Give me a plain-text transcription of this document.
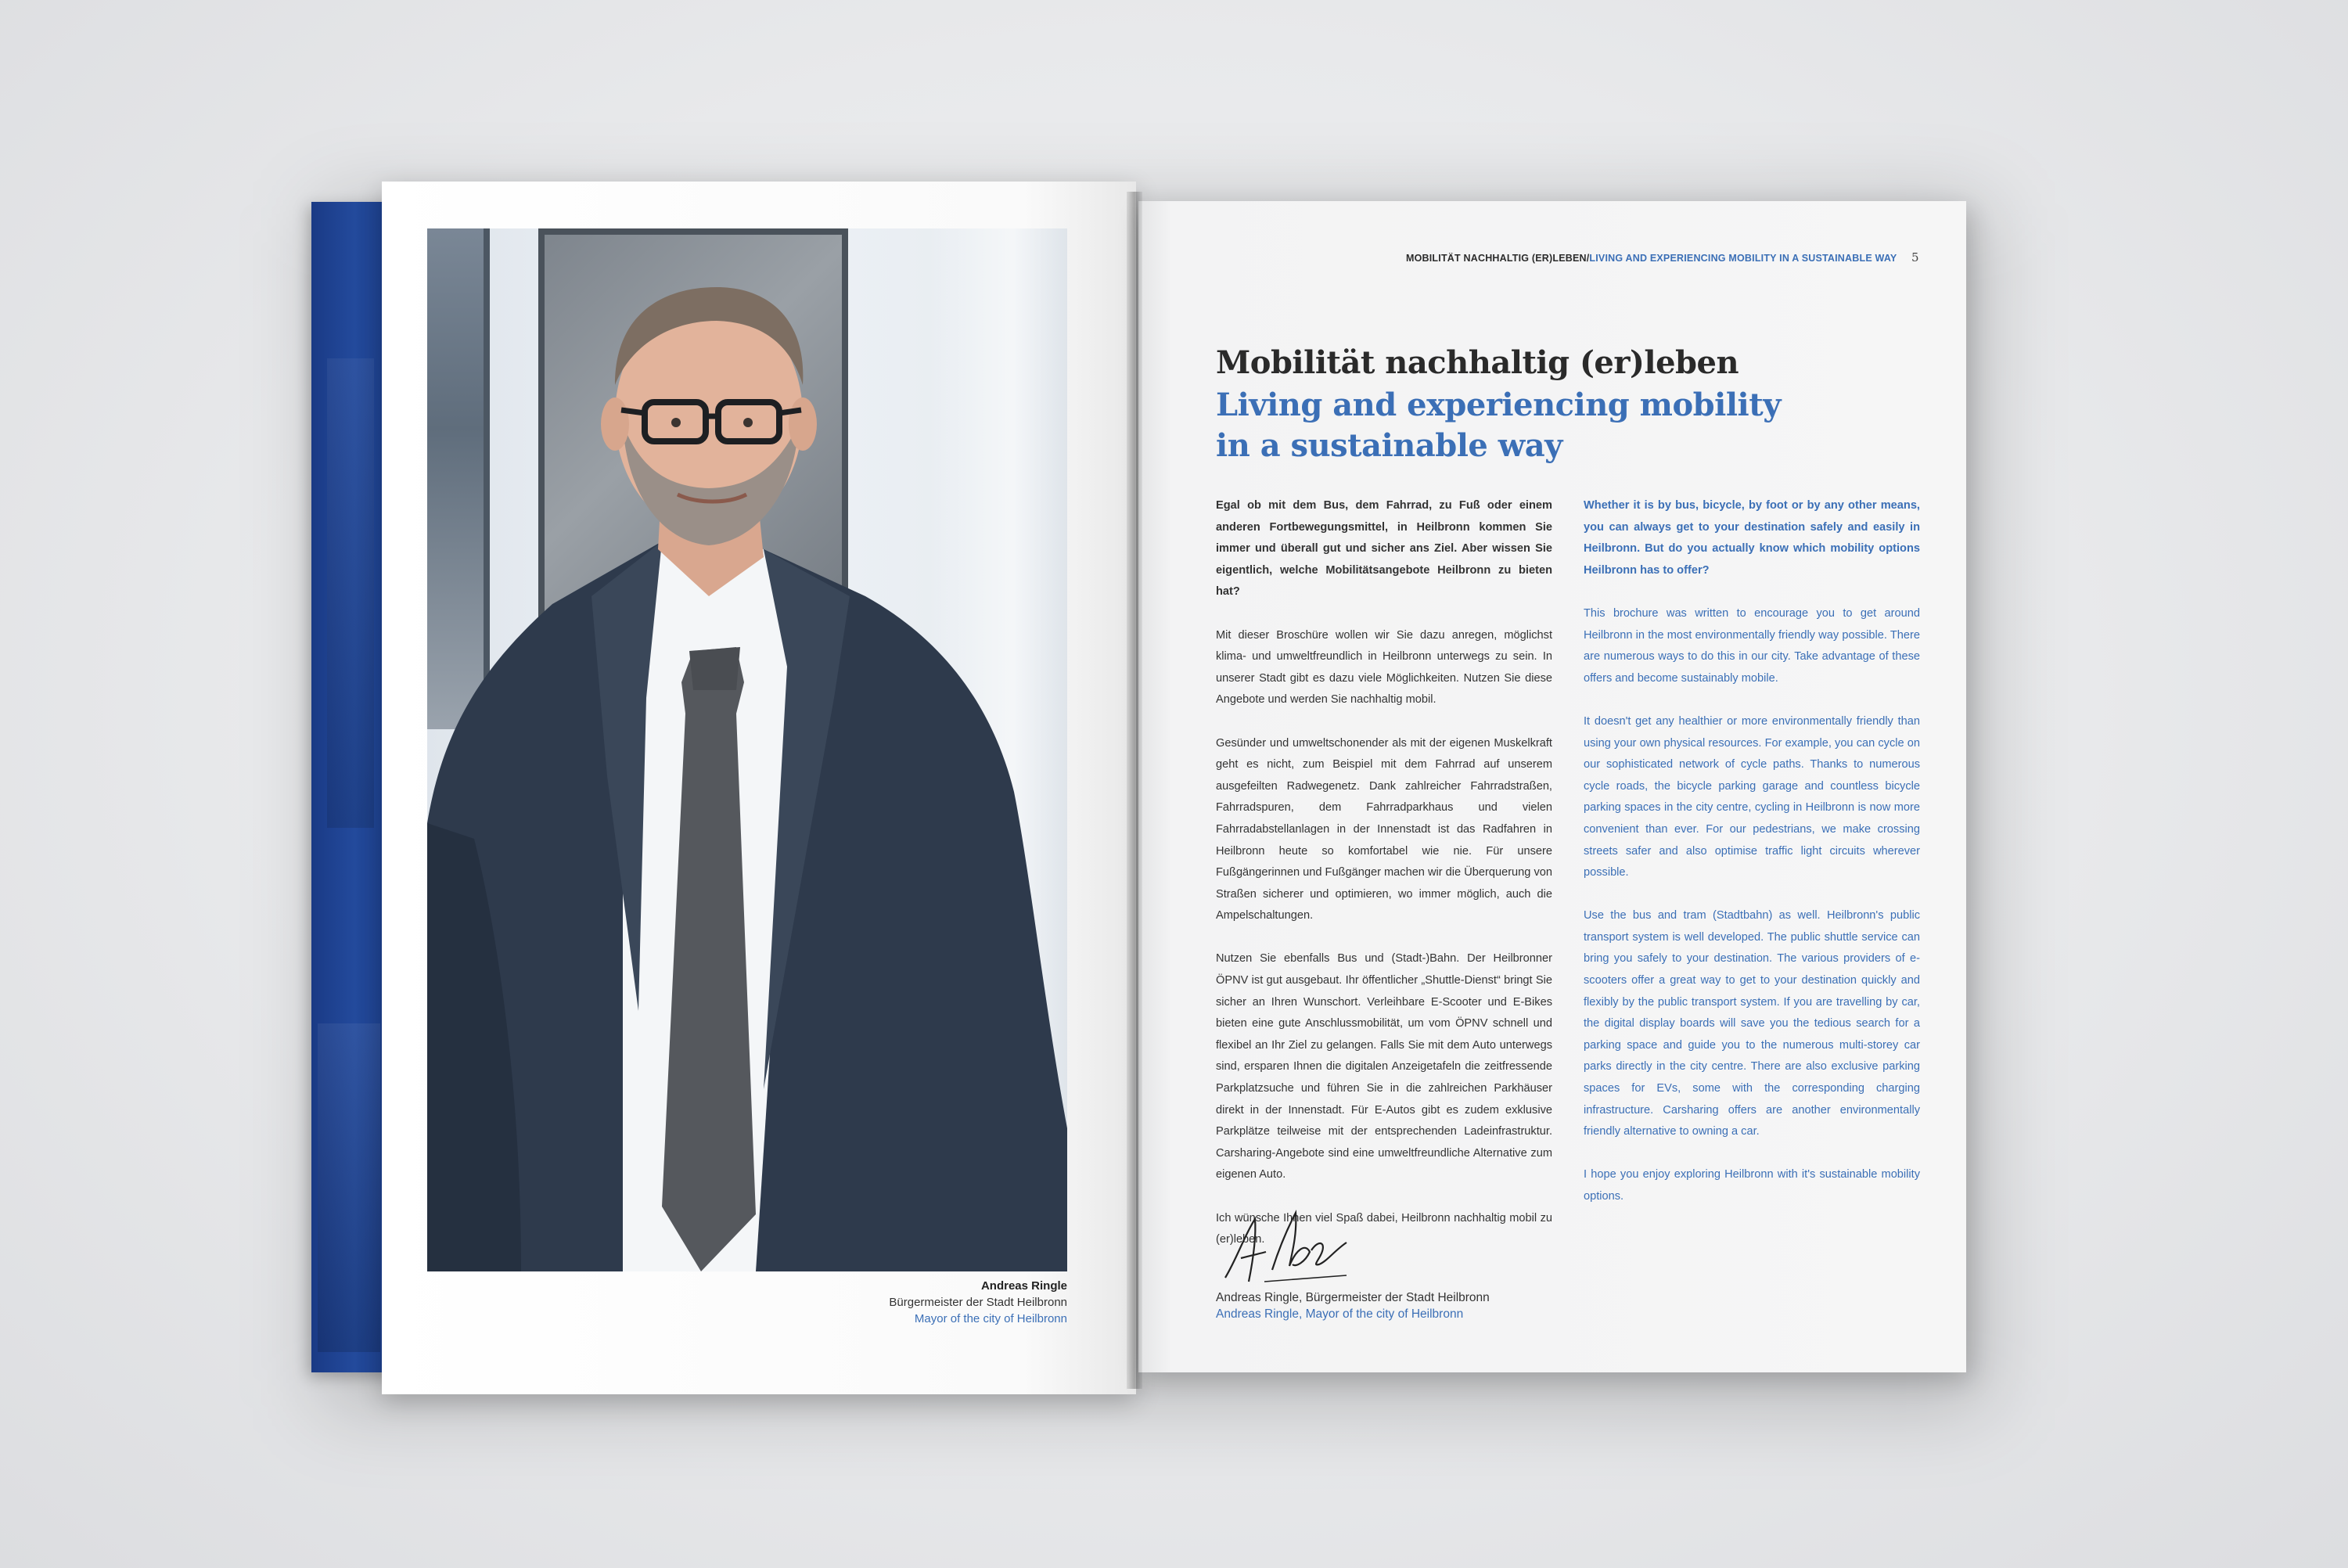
Andreas Ringle
Bürgermeister der Stadt Heilbronn
Mayor of the city of Heilbronn
MOBILITÄT NACHHALTIG (ER)LEBEN/LIVING AND EXPERIENCING MOBILITY IN A SUSTAINABLE WAY 5
Mobilität nachhaltig (er)leben
Living and experiencing mobility
in a sustainable way

Egal ob mit dem Bus, dem Fahrrad, zu Fuß oder einem anderen Fortbewegungsmittel, in Heilbronn kommen Sie immer und überall gut und sicher ans Ziel. Aber wissen Sie eigentlich, welche Mobilitätsangebote Heilbronn zu bieten hat?

Mit dieser Broschüre wollen wir Sie dazu anregen, möglichst klima- und umweltfreundlich in Heilbronn unterwegs zu sein. In unserer Stadt gibt es dazu viele Möglichkeiten. Nutzen Sie diese Angebote und werden Sie nachhaltig mobil.

Gesünder und umweltschonender als mit der eigenen Muskelkraft geht es nicht, zum Beispiel mit dem Fahrrad auf unserem ausgefeilten Radwegenetz. Dank zahlreicher Fahrradstraßen, Fahrradspuren, dem Fahrradparkhaus und vielen Fahrradabstellanlagen in der Innenstadt ist das Radfahren in Heilbronn heute so komfortabel wie nie. Für unsere Fußgängerinnen und Fußgänger machen wir die Überquerung von Straßen sicherer und optimieren, wo immer möglich, auch die Ampelschaltungen.

Nutzen Sie ebenfalls Bus und (Stadt-)Bahn. Der Heilbronner ÖPNV ist gut ausgebaut. Ihr öffentlicher „Shuttle-Dienst“ bringt Sie sicher an Ihren Wunschort. Verleihbare E-Scooter und E-Bikes bieten eine gute Anschlussmobilität, um vom ÖPNV schnell und flexibel an Ihr Ziel zu gelangen. Falls Sie mit dem Auto unterwegs sind, ersparen Ihnen die digitalen Anzeigetafeln die zeitfressende Parkplatzsuche und führen Sie in die zahlreichen Parkhäuser direkt in der Innenstadt. Für E-Autos gibt es zudem exklusive Parkplätze teilweise mit der entsprechenden Ladeinfrastruktur. Carsharing-Angebote sind eine umweltfreundliche Alternative zum eigenen Auto.

Ich wünsche Ihnen viel Spaß dabei, Heilbronn nachhaltig mobil zu (er)leben.

Whether it is by bus, bicycle, by foot or by any other means, you can always get to your destination safely and easily in Heilbronn. But do you actually know which mobility options Heilbronn has to offer?

This brochure was written to encourage you to get around Heilbronn in the most environmentally friendly way possible. There are numerous ways to do this in our city. Take advantage of these offers and become sustainably mobile.

It doesn't get any healthier or more environmentally friendly than using your own physical resources. For example, you can cycle on our sophisticated network of cycle paths. Thanks to numerous cycle roads, the bicycle parking garage and countless bicycle parking spaces in the city centre, cycling in Heilbronn is now more convenient than ever. For our pedestrians, we make crossing streets safer and also optimise traffic light circuits wherever possible.

Use the bus and tram (Stadtbahn) as well. Heilbronn's public transport system is well developed. The public shuttle service can bring you safely to your destination. The various providers of e-scooters offer a great way to get to your destination quickly and flexibly by the public transport system. If you are travelling by car, the digital display boards will save you the tedious search for a parking space and guide you to the numerous multi-storey car parks directly in the city centre. There are also exclusive parking spaces for EVs, some with the corresponding charging infrastructure. Carsharing offers are another environmentally friendly alternative to owning a car.

I hope you enjoy exploring Heilbronn with it's sustainable mobility options.

Andreas Ringle, Bürgermeister der Stadt Heilbronn
Andreas Ringle, Mayor of the city of Heilbronn
